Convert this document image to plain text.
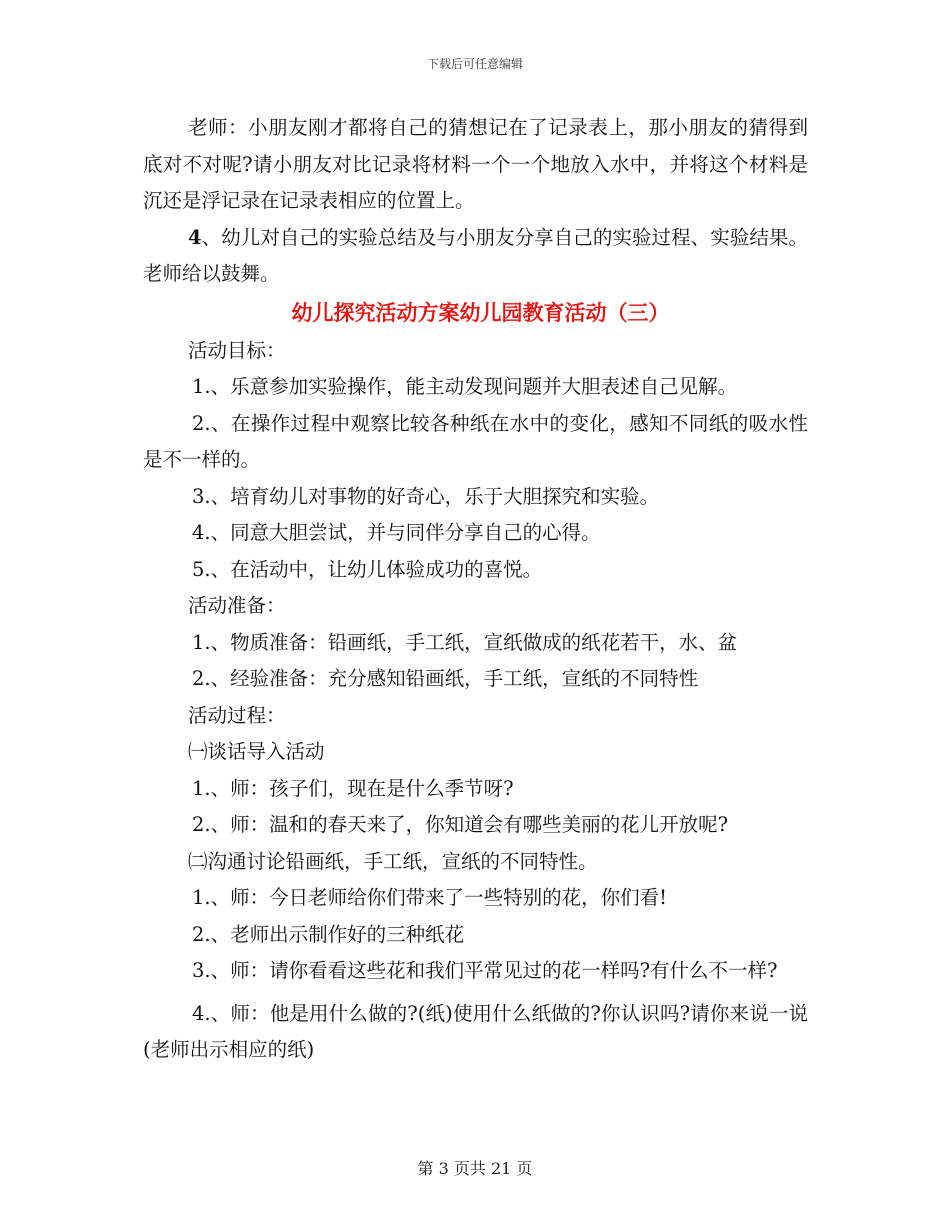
下载后可任意编辑

老师：小朋友刚才都将自己的猜想记在了记录表上，那小朋友的猜得到底对不对呢?请小朋友对比记录将材料一个一个地放入水中，并将这个材料是沉还是浮记录在记录表相应的位置上。

4、幼儿对自己的实验总结及与小朋友分享自己的实验过程、实验结果。老师给以鼓舞。

幼儿探究活动方案幼儿园教育活动（三）

活动目标：

1.、乐意参加实验操作，能主动发现问题并大胆表述自己见解。

2.、在操作过程中观察比较各种纸在水中的变化，感知不同纸的吸水性是不一样的。

3.、培育幼儿对事物的好奇心，乐于大胆探究和实验。

4.、同意大胆尝试，并与同伴分享自己的心得。

5.、在活动中，让幼儿体验成功的喜悦。

活动准备：

1.、物质准备：铅画纸，手工纸，宣纸做成的纸花若干，水、盆

2.、经验准备：充分感知铅画纸，手工纸，宣纸的不同特性

活动过程：

㈠谈话导入活动

1.、师：孩子们，现在是什么季节呀?

2.、师：温和的春天来了，你知道会有哪些美丽的花儿开放呢?

㈡沟通讨论铅画纸，手工纸，宣纸的不同特性。

1.、师：今日老师给你们带来了一些特别的花，你们看!

2.、老师出示制作好的三种纸花

3.、师：请你看看这些花和我们平常见过的花一样吗?有什么不一样?

4.、师：他是用什么做的?(纸)使用什么纸做的?你认识吗?请你来说一说(老师出示相应的纸)

第 3 页共 21 页
